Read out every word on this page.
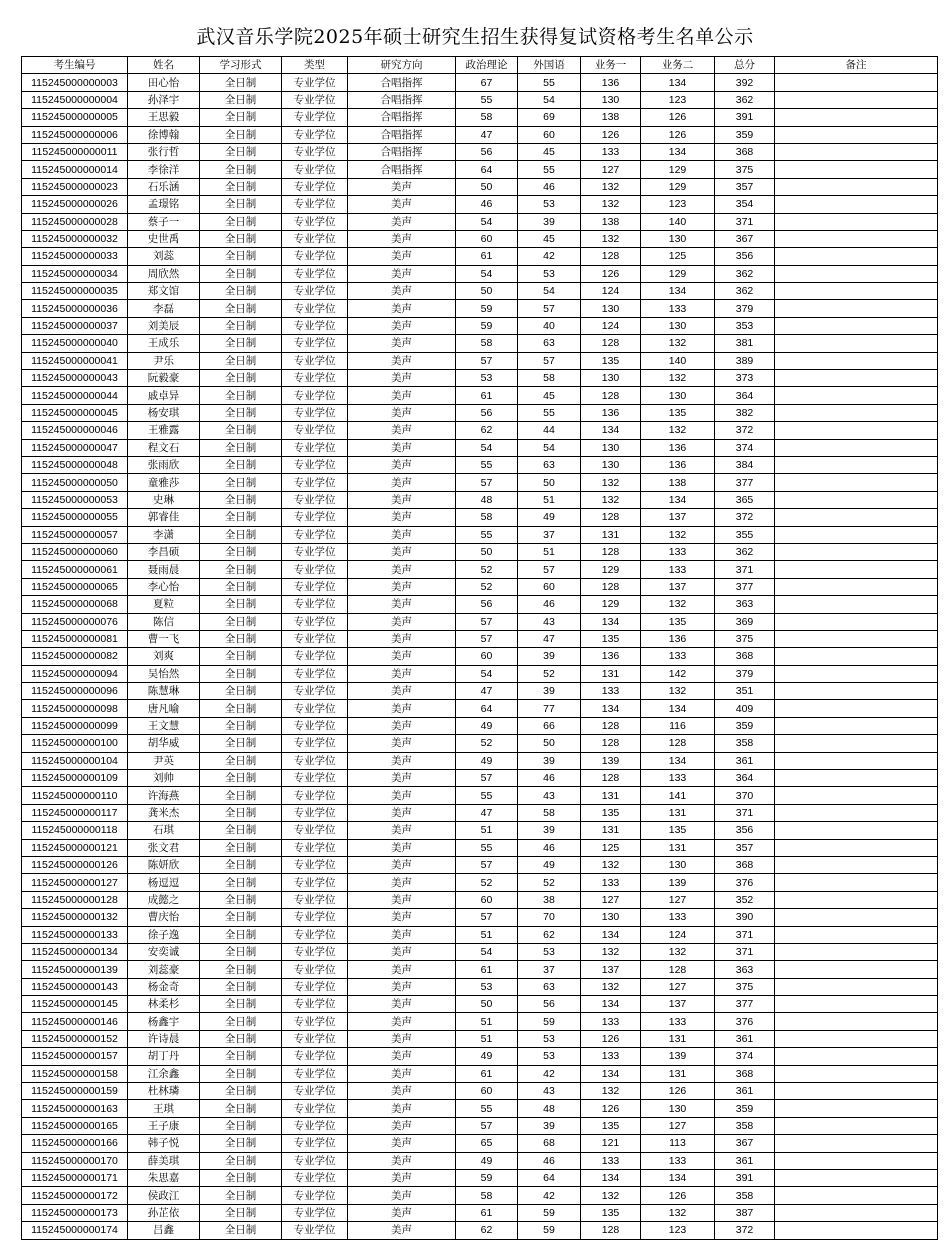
武汉音乐学院2025年硕士研究生招生获得复试资格考生名单公示
考生编号	姓名	学习形式	类型	研究方向	政治理论	外国语	业务一	业务二	总分	备注
115245000000003	田心怡	全日制	专业学位	合唱指挥	67	55	136	134	392	
115245000000004	孙泽宇	全日制	专业学位	合唱指挥	55	54	130	123	362	
115245000000005	王思毅	全日制	专业学位	合唱指挥	58	69	138	126	391	
115245000000006	徐博翰	全日制	专业学位	合唱指挥	47	60	126	126	359	
115245000000011	张行哲	全日制	专业学位	合唱指挥	56	45	133	134	368	
115245000000014	李徐洋	全日制	专业学位	合唱指挥	64	55	127	129	375	
115245000000023	石乐涵	全日制	专业学位	美声	50	46	132	129	357	
115245000000026	孟璟铭	全日制	专业学位	美声	46	53	132	123	354	
115245000000028	蔡子一	全日制	专业学位	美声	54	39	138	140	371	
115245000000032	史世禹	全日制	专业学位	美声	60	45	132	130	367	
115245000000033	刘蕊	全日制	专业学位	美声	61	42	128	125	356	
115245000000034	周欣然	全日制	专业学位	美声	54	53	126	129	362	
115245000000035	郑文馆	全日制	专业学位	美声	50	54	124	134	362	
115245000000036	李磊	全日制	专业学位	美声	59	57	130	133	379	
115245000000037	刘美辰	全日制	专业学位	美声	59	40	124	130	353	
115245000000040	王成乐	全日制	专业学位	美声	58	63	128	132	381	
115245000000041	尹乐	全日制	专业学位	美声	57	57	135	140	389	
115245000000043	阮毅豪	全日制	专业学位	美声	53	58	130	132	373	
115245000000044	戚卓异	全日制	专业学位	美声	61	45	128	130	364	
115245000000045	杨安琪	全日制	专业学位	美声	56	55	136	135	382	
115245000000046	王雅露	全日制	专业学位	美声	62	44	134	132	372	
115245000000047	程文石	全日制	专业学位	美声	54	54	130	136	374	
115245000000048	张雨欣	全日制	专业学位	美声	55	63	130	136	384	
115245000000050	童雅莎	全日制	专业学位	美声	57	50	132	138	377	
115245000000053	史琳	全日制	专业学位	美声	48	51	132	134	365	
115245000000055	郭睿佳	全日制	专业学位	美声	58	49	128	137	372	
115245000000057	李潇	全日制	专业学位	美声	55	37	131	132	355	
115245000000060	李昌硕	全日制	专业学位	美声	50	51	128	133	362	
115245000000061	聂雨晨	全日制	专业学位	美声	52	57	129	133	371	
115245000000065	李心怡	全日制	专业学位	美声	52	60	128	137	377	
115245000000068	夏粒	全日制	专业学位	美声	56	46	129	132	363	
115245000000076	陈信	全日制	专业学位	美声	57	43	134	135	369	
115245000000081	曹一飞	全日制	专业学位	美声	57	47	135	136	375	
115245000000082	刘爽	全日制	专业学位	美声	60	39	136	133	368	
115245000000094	吴怡然	全日制	专业学位	美声	54	52	131	142	379	
115245000000096	陈慧琳	全日制	专业学位	美声	47	39	133	132	351	
115245000000098	唐凡喻	全日制	专业学位	美声	64	77	134	134	409	
115245000000099	王文慧	全日制	专业学位	美声	49	66	128	116	359	
115245000000100	胡华威	全日制	专业学位	美声	52	50	128	128	358	
115245000000104	尹英	全日制	专业学位	美声	49	39	139	134	361	
115245000000109	刘帅	全日制	专业学位	美声	57	46	128	133	364	
115245000000110	许海燕	全日制	专业学位	美声	55	43	131	141	370	
115245000000117	龚米杰	全日制	专业学位	美声	47	58	135	131	371	
115245000000118	石琪	全日制	专业学位	美声	51	39	131	135	356	
115245000000121	张文君	全日制	专业学位	美声	55	46	125	131	357	
115245000000126	陈妍欣	全日制	专业学位	美声	57	49	132	130	368	
115245000000127	杨逗逗	全日制	专业学位	美声	52	52	133	139	376	
115245000000128	成懿之	全日制	专业学位	美声	60	38	127	127	352	
115245000000132	曹庆怡	全日制	专业学位	美声	57	70	130	133	390	
115245000000133	徐子逸	全日制	专业学位	美声	51	62	134	124	371	
115245000000134	安奕诚	全日制	专业学位	美声	54	53	132	132	371	
115245000000139	刘蕊豪	全日制	专业学位	美声	61	37	137	128	363	
115245000000143	杨金奇	全日制	专业学位	美声	53	63	132	127	375	
115245000000145	林柔杉	全日制	专业学位	美声	50	56	134	137	377	
115245000000146	杨鑫宇	全日制	专业学位	美声	51	59	133	133	376	
115245000000152	许诗晨	全日制	专业学位	美声	51	53	126	131	361	
115245000000157	胡丁丹	全日制	专业学位	美声	49	53	133	139	374	
115245000000158	江余鑫	全日制	专业学位	美声	61	42	134	131	368	
115245000000159	杜林璘	全日制	专业学位	美声	60	43	132	126	361	
115245000000163	王琪	全日制	专业学位	美声	55	48	126	130	359	
115245000000165	王子康	全日制	专业学位	美声	57	39	135	127	358	
115245000000166	韩子悦	全日制	专业学位	美声	65	68	121	113	367	
115245000000170	薛美琪	全日制	专业学位	美声	49	46	133	133	361	
115245000000171	朱思嘉	全日制	专业学位	美声	59	64	134	134	391	
115245000000172	侯政江	全日制	专业学位	美声	58	42	132	126	358	
115245000000173	孙芷依	全日制	专业学位	美声	61	59	135	132	387	
115245000000174	吕鑫	全日制	专业学位	美声	62	59	128	123	372	
